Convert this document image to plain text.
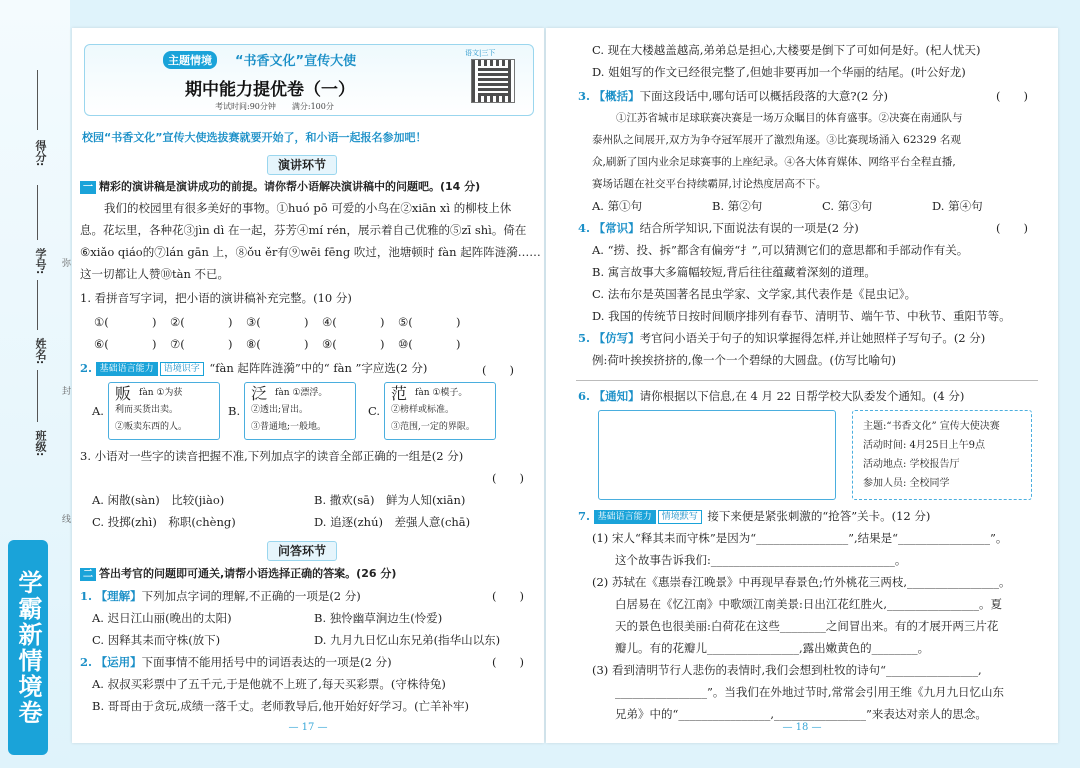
得分:
学号:
姓名:
班级:
弥
封
线
学霸新情境卷
主题情境	“书香文化”宣传大使
期中能力提优卷（一）
考试时间:90分钟　　满分:100分
语文|三下
校园“书香文化”宣传大使选拔赛就要开始了，和小语一起报名参加吧！
演讲环节
一 精彩的演讲稿是演讲成功的前提。请你帮小语解决演讲稿中的问题吧。(14 分)
我们的校园里有很多美好的事物。①huó pō 可爱的小鸟在②xiān xì 的柳枝上休
息。花坛里，各种花③jìn dì 在一起，芬芳④mí rén，展示着自己优雅的⑤zī shì。倚在
⑥xiǎo qiáo的⑦lán gān 上，⑧ǒu ěr有⑨wēi fēng 吹过，池塘顿时 fàn 起阵阵涟漪……
这一切都让人赞⑩tàn 不已。
1. 看拼音写字词，把小语的演讲稿补充完整。(10 分)
①(	) ②(	) ③(	) ④(	) ⑤(	)
⑥(	) ⑦(	) ⑧(	) ⑨(	) ⑩(	)
2. 基础语言能力 语境识字 “fàn 起阵阵涟漪”中的“ fàn ”字应选(2 分)	(　　)
A.
贩 fàn ①为获
利而买货出卖。
②贩卖东西的人。
B.
泛 fàn ①漂浮。
②透出;冒出。
③普通地;一般地。
C.
范 fàn ①模子。
②榜样或标准。
③范围,一定的界限。
3. 小语对一些字的读音把握不准,下列加点字的读音全部正确的一组是(2 分)
(　　)
A. 闲散(sàn)　比较(jiào)	B. 撒欢(sā)　鲜为人知(xiān)
C. 投掷(zhì)　称职(chèng)	D. 追逐(zhú)　差强人意(chā)
问答环节
二 答出考官的问题即可通关,请帮小语选择正确的答案。(26 分)
1. 【理解】下列加点字词的理解,不正确的一项是(2 分)	(　　)
A. 迟日江山丽(晚出的太阳)	B. 独怜幽草涧边生(怜爱)
C. 因释其耒而守株(放下)	D. 九月九日忆山东兄弟(指华山以东)
2. 【运用】下面事情不能用括号中的词语表达的一项是(2 分)	(　　)
A. 叔叔买彩票中了五千元,于是他就不上班了,每天买彩票。(守株待兔)
B. 哥哥由于贪玩,成绩一落千丈。老师教导后,他开始好好学习。(亡羊补牢)
— 17 —
C. 现在大楼越盖越高,弟弟总是担心,大楼要是倒下了可如何是好。(杞人忧天)
D. 姐姐写的作文已经很完整了,但她非要再加一个华丽的结尾。(叶公好龙)
3. 【概括】下面这段话中,哪句话可以概括段落的大意?(2 分)	(　　)
①江苏省城市足球联赛决赛是一场万众瞩目的体育盛事。②决赛在南通队与
泰州队之间展开,双方为争夺冠军展开了激烈角逐。③比赛现场涌入 62329 名观
众,刷新了国内业余足球赛事的上座纪录。④各大体育媒体、网络平台全程直播,
赛场话题在社交平台持续霸屏,讨论热度居高不下。
A. 第①句	B. 第②句	C. 第③句	D. 第④句
4. 【常识】结合所学知识,下面说法有误的一项是(2 分)	(　　)
A. “捞、投、拆”都含有偏旁“扌”,可以猜测它们的意思都和手部动作有关。
B. 寓言故事大多篇幅较短,背后往往蕴藏着深刻的道理。
C. 法布尔是英国著名昆虫学家、文学家,其代表作是《昆虫记》。
D. 我国的传统节日按时间顺序排列有春节、清明节、端午节、中秋节、重阳节等。
5. 【仿写】考官问小语关于句子的知识掌握得怎样,并让她照样子写句子。(2 分)
例:荷叶挨挨挤挤的,像一个一个碧绿的大圆盘。(仿写比喻句)
6. 【通知】请你根据以下信息,在 4 月 22 日帮学校大队委发个通知。(4 分)
主题:“书香文化” 宣传大使决赛
活动时间: 4月25日上午9点
活动地点: 学校报告厅
参加人员: 全校同学
7. 基础语言能力 情境默写 接下来便是紧张刺激的“抢答”关卡。(12 分)
(1) 宋人“释其耒而守株”是因为“________________”,结果是“________________”。
　　这个故事告诉我们:________________________________。
(2) 苏轼在《惠崇春江晚景》中再现早春景色;竹外桃花三两枝,________________。
　　白居易在《忆江南》中歌颂江南美景:日出江花红胜火,________________。夏
　　天的景色也很美丽:白荷花在这些________之间冒出来。有的才展开两三片花
　　瓣儿。有的花瓣儿________________,露出嫩黄色的________。
(3) 看到清明节行人悲伤的表情时,我们会想到杜牧的诗句“________________,
　　________________”。当我们在外地过节时,常常会引用王维《九月九日忆山东
　　兄弟》中的“________________,________________”来表达对亲人的思念。
— 18 —
